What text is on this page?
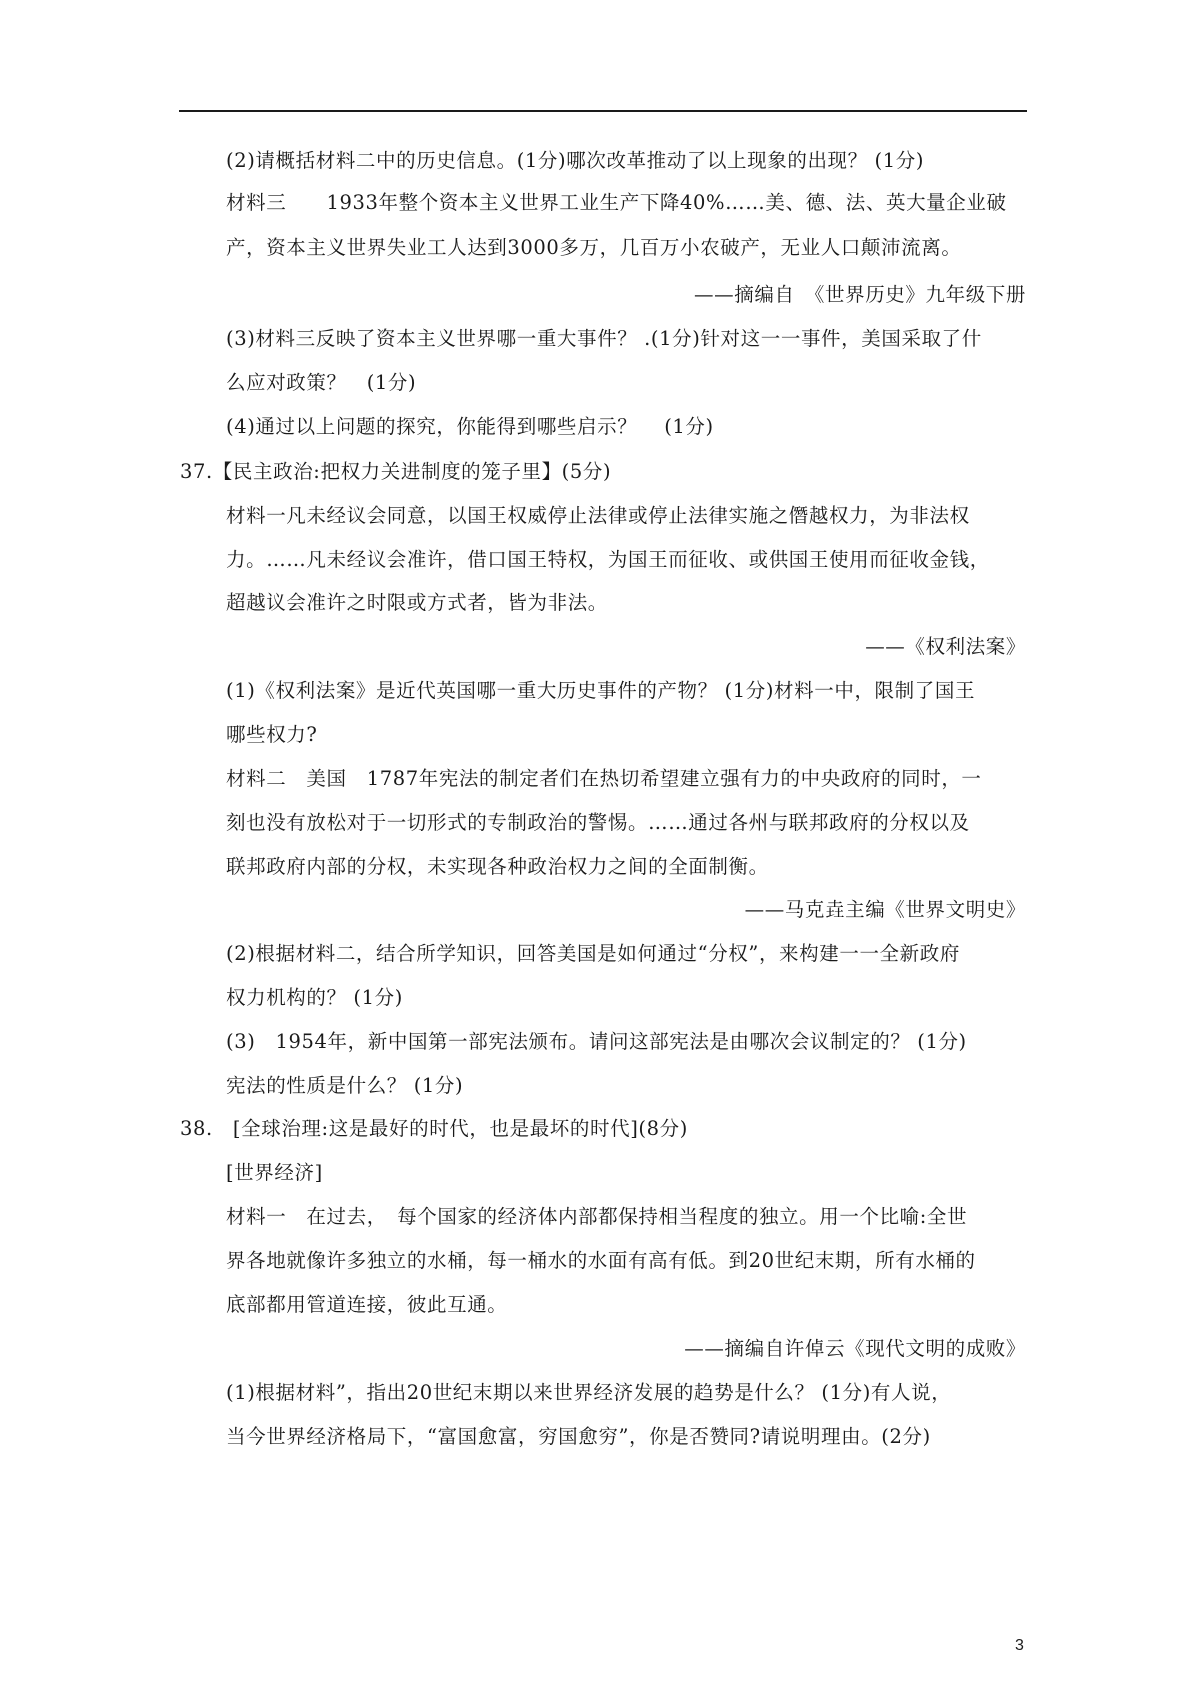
(2)请概括材料二中的历史信息。(1分)哪次改革推动了以上现象的出现？ (1分)
材料三　　1933年整个资本主义世界工业生产下降40%……美、德、法、英大量企业破
产，资本主义世界失业工人达到3000多万，几百万小农破产，无业人口颠沛流离。
——摘编自　《世界历史》九年级下册
(3)材料三反映了资本主义世界哪一重大事件？ .(1分)针对这一一事件，美国采取了什
么应对政策？　(1分)
(4)通过以上问题的探究，你能得到哪些启示？　 (1分)
37.【民主政治:把权力关进制度的笼子里】(5分)
材料一凡未经议会同意，以国王权威停止法律或停止法律实施之僭越权力，为非法权
力。……凡未经议会准许，借口国王特权，为国王而征收、或供国王使用而征收金钱，
超越议会准许之时限或方式者，皆为非法。
——《权利法案》
(1)《权利法案》是近代英国哪一重大历史事件的产物？ (1分)材料一中，限制了国王
哪些权力?
材料二　美国　1787年宪法的制定者们在热切希望建立强有力的中央政府的同时，一
刻也没有放松对于一切形式的专制政治的警惕。……通过各州与联邦政府的分权以及
联邦政府内部的分权，未实现各种政治权力之间的全面制衡。
——马克垚主编《世界文明史》
(2)根据材料二，结合所学知识，回答美国是如何通过“分权”，来构建一一全新政府
权力机构的？ (1分)
(3)　1954年，新中国第一部宪法颁布。请问这部宪法是由哪次会议制定的？ (1分)
宪法的性质是什么？ (1分)
38.　[全球治理:这是最好的时代，也是最坏的时代](8分)
[世界经济]
材料一　在过去，　每个国家的经济体内部都保持相当程度的独立。用一个比喻:全世
界各地就像许多独立的水桶，每一桶水的水面有高有低。到20世纪末期，所有水桶的
底部都用管道连接，彼此互通。
——摘编自许倬云《现代文明的成败》
(1)根据材料”，指出20世纪末期以来世界经济发展的趋势是什么？ (1分)有人说，
当今世界经济格局下，“富国愈富，穷国愈穷”，你是否赞同?请说明理由。(2分)
3
